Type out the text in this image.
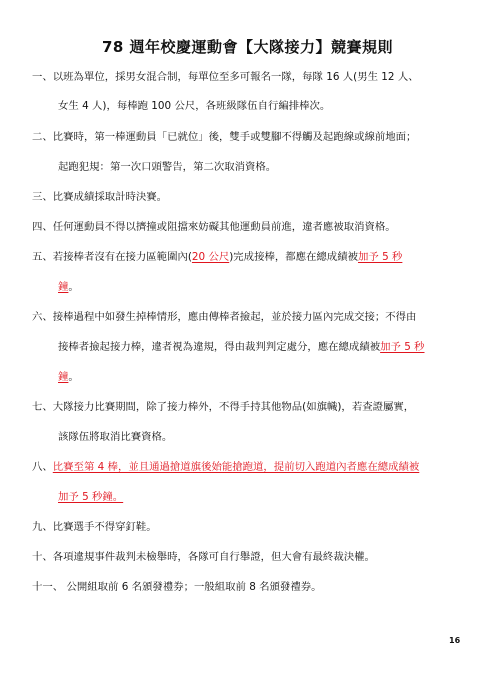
78 週年校慶運動會【大隊接力】競賽規則
一、以班為單位，採男女混合制，每單位至多可報名一隊，每隊 16 人(男生 12 人、
女生 4 人)，每棒跑 100 公尺，各班級隊伍自行編排棒次。
二、比賽時，第一棒運動員「已就位」後，雙手或雙腳不得觸及起跑線或線前地面；
起跑犯規：第一次口頭警告，第二次取消資格。
三、比賽成績採取計時決賽。
四、任何運動員不得以擠撞或阻擋來妨礙其他運動員前進，違者應被取消資格。
五、若接棒者沒有在接力區範圍內(20 公尺)完成接棒，都應在總成績被加予 5 秒
鐘。
六、接棒過程中如發生掉棒情形，應由傳棒者撿起，並於接力區內完成交接；不得由
接棒者撿起接力棒，違者視為違規，得由裁判判定處分，應在總成績被加予 5 秒
鐘。
七、大隊接力比賽期間，除了接力棒外，不得手持其他物品(如旗幟)，若查證屬實，
該隊伍將取消比賽資格。
八、比賽至第 4 棒，並且通過搶道旗後始能搶跑道，提前切入跑道內者應在總成績被
加予 5 秒鐘。
九、比賽選手不得穿釘鞋。
十、各項違規事件裁判未檢舉時，各隊可自行舉證，但大會有最終裁決權。
十一、 公開組取前 6 名頒發禮券；一般組取前 8 名頒發禮券。
16
